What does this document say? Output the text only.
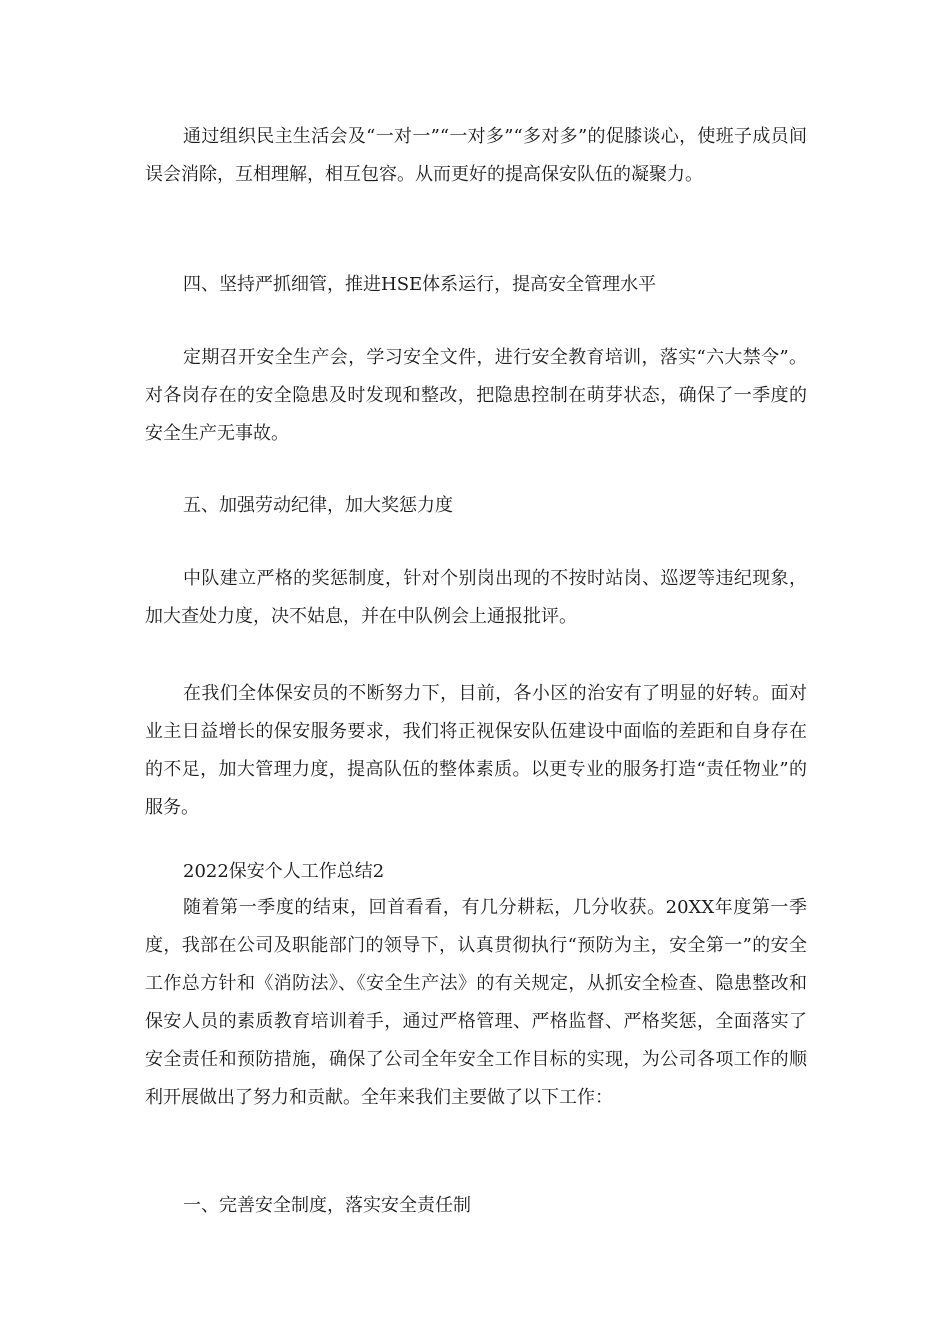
通过组织民主生活会及“一对一”“一对多”“多对多”的促膝谈心，使班子成员间误会消除，互相理解，相互包容。从而更好的提高保安队伍的凝聚力。

四、坚持严抓细管，推进HSE体系运行，提高安全管理水平

定期召开安全生产会，学习安全文件，进行安全教育培训，落实“六大禁令”。对各岗存在的安全隐患及时发现和整改，把隐患控制在萌芽状态，确保了一季度的安全生产无事故。

五、加强劳动纪律，加大奖惩力度

中队建立严格的奖惩制度，针对个别岗出现的不按时站岗、巡逻等违纪现象，加大查处力度，决不姑息，并在中队例会上通报批评。

在我们全体保安员的不断努力下，目前，各小区的治安有了明显的好转。面对业主日益增长的保安服务要求，我们将正视保安队伍建设中面临的差距和自身存在的不足，加大管理力度，提高队伍的整体素质。以更专业的服务打造“责任物业”的服务。

2022保安个人工作总结2

随着第一季度的结束，回首看看，有几分耕耘，几分收获。20XX年度第一季度，我部在公司及职能部门的领导下，认真贯彻执行“预防为主，安全第一”的安全工作总方针和《消防法》、《安全生产法》的有关规定，从抓安全检查、隐患整改和保安人员的素质教育培训着手，通过严格管理、严格监督、严格奖惩，全面落实了安全责任和预防措施，确保了公司全年安全工作目标的实现，为公司各项工作的顺利开展做出了努力和贡献。全年来我们主要做了以下工作：

一、完善安全制度，落实安全责任制
